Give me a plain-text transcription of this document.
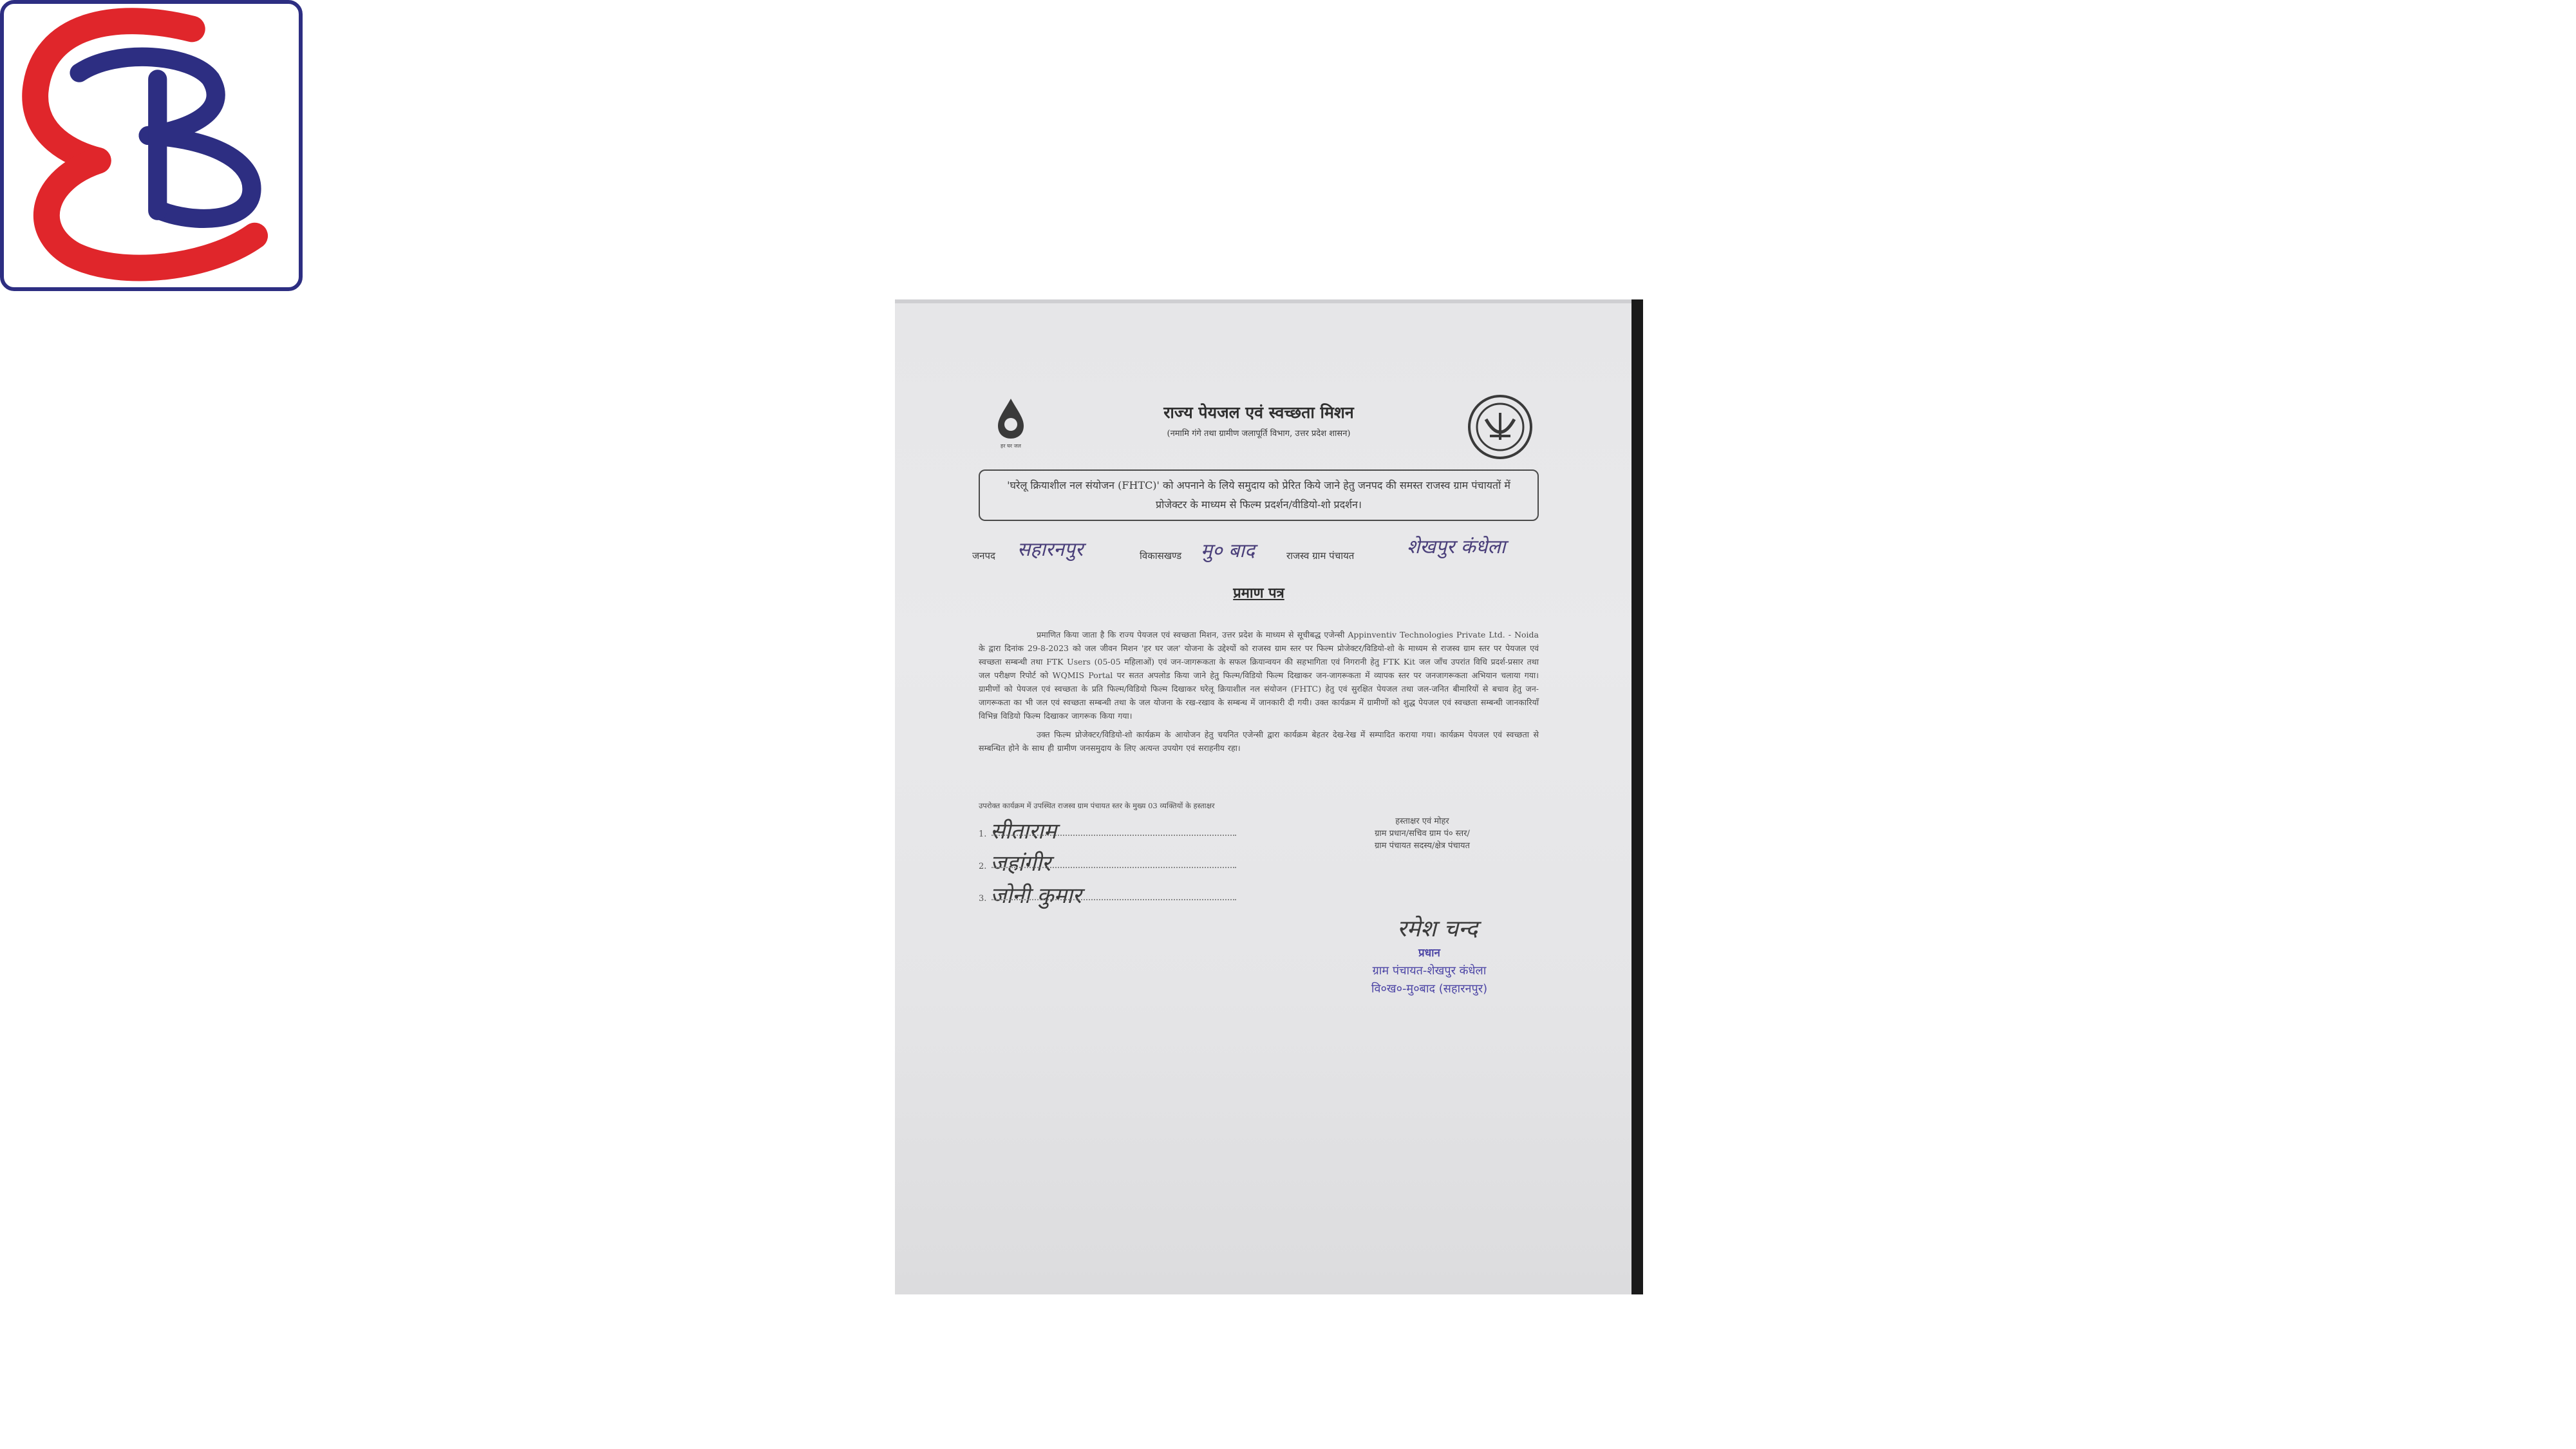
हर घर जल
राज्य पेयजल एवं स्वच्छता मिशन
(नमामि गंगे तथा ग्रामीण जलापूर्ति विभाग, उत्तर प्रदेश शासन)
'घरेलू क्रियाशील नल संयोजन (FHTC)' को अपनाने के लिये समुदाय को प्रेरित किये जाने हेतु जनपद की समस्त राजस्व ग्राम पंचायतों में प्रोजेक्टर के माध्यम से फिल्म प्रदर्शन/वीडियो-शो प्रदर्शन।
जनपद सहारनपुर	विकासखण्ड मु० बाद	राजस्व ग्राम पंचायत	शेखपुर कंधेला
प्रमाण पत्र
प्रमाणित किया जाता है कि राज्य पेयजल एवं स्वच्छता मिशन, उत्तर प्रदेश के माध्यम से सूचीबद्ध एजेन्सी Appinventiv Technologies Private Ltd. - Noida के द्वारा दिनांक 29-8-2023 को जल जीवन मिशन 'हर घर जल' योजना के उद्देश्यों को राजस्व ग्राम स्तर पर फिल्म प्रोजेक्टर/विडियो-शो के माध्यम से राजस्व ग्राम स्तर पर पेयजल एवं स्वच्छता सम्बन्धी तथा FTK Users (05-05 महिलाओं) एवं जन-जागरूकता के सफल क्रियान्वयन की सहभागिता एवं निगरानी हेतु FTK Kit जल जाँच उपरांत विधि प्रदर्श-प्रसार तथा जल परीक्षण रिपोर्ट को WQMIS Portal पर सतत अपलोड किया जाने हेतु फिल्म/विडियो फिल्म दिखाकर जन-जागरूकता में व्यापक स्तर पर जनजागरूकता अभियान चलाया गया। ग्रामीणों को पेयजल एवं स्वच्छता के प्रति फिल्म/विडियो फिल्म दिखाकर घरेलू क्रियाशील नल संयोजन (FHTC) हेतु एवं सुरक्षित पेयजल तथा जल-जनित बीमारियों से बचाव हेतु जन-जागरूकता का भी जल एवं स्वच्छता सम्बन्धी तथा के जल योजना के रख-रखाव के सम्बन्ध में जानकारी दी गयी। उक्त कार्यक्रम में ग्रामीणों को शुद्ध पेयजल एवं स्वच्छता सम्बन्धी जानकारियाँ विभिन्न विडियो फिल्म दिखाकर जागरूक किया गया।
उक्त फिल्म प्रोजेक्टर/विडियो-शो कार्यक्रम के आयोजन हेतु चयनित एजेन्सी द्वारा कार्यक्रम बेहतर देख-रेख में सम्पादित कराया गया। कार्यक्रम पेयजल एवं स्वच्छता से सम्बन्धित होने के साथ ही ग्रामीण जनसमुदाय के लिए अत्यन्त उपयोग एवं सराहनीय रहा।
उपरोक्त कार्यक्रम में उपस्थित राजस्व ग्राम पंचायत स्तर के मुख्य 03 व्यक्तियों के हस्ताक्षर
1. सीताराम
2. जहांगीर
3. जोनी कुमार
हस्ताक्षर एवं मोहर
ग्राम प्रधान/सचिव ग्राम पं० स्तर/
ग्राम पंचायत सदस्य/क्षेत्र पंचायत
रमेश चन्द
प्रधान
ग्राम पंचायत-शेखपुर कंधेला
वि०ख०-मु०बाद (सहारनपुर)
